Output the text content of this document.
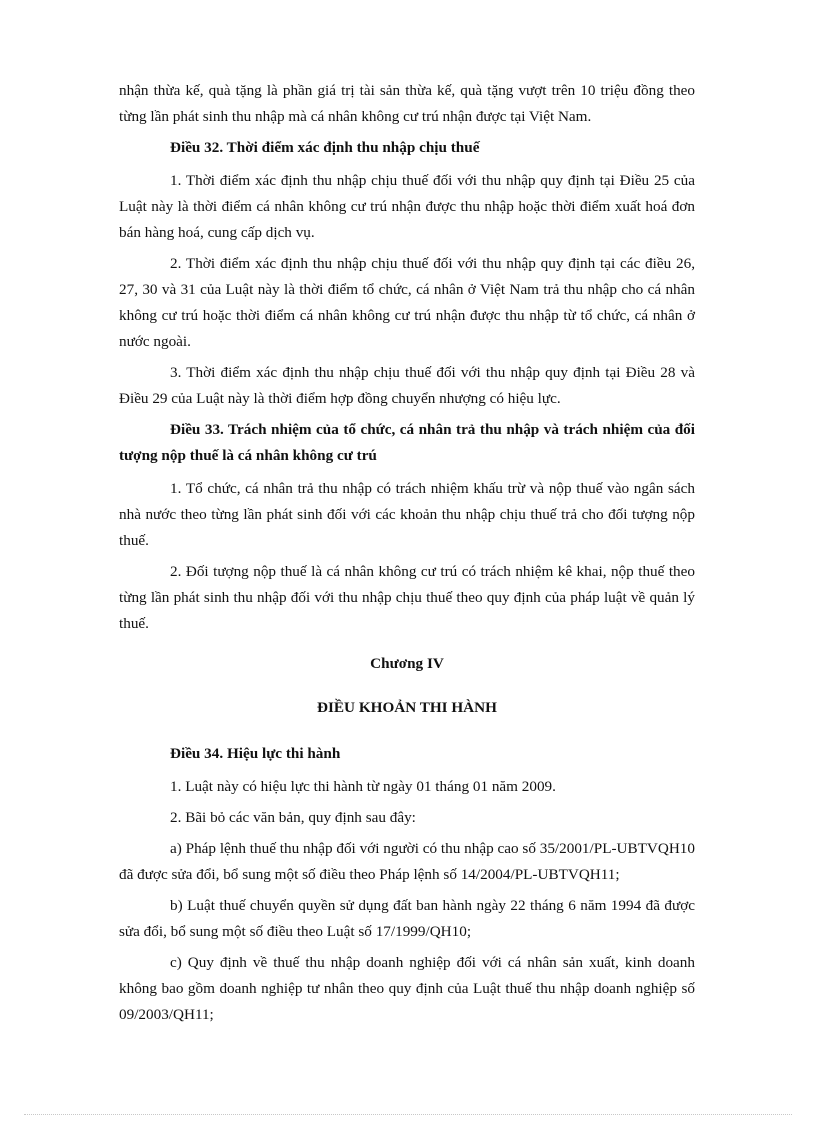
nhận thừa kế, quà tặng là phần giá trị tài sản thừa kế, quà tặng vượt trên 10 triệu đồng theo từng lần phát sinh thu nhập mà cá nhân không cư trú nhận được tại Việt Nam.

Điều 32. Thời điểm xác định thu nhập chịu thuế

1. Thời điểm xác định thu nhập chịu thuế đối với thu nhập quy định tại Điều 25 của Luật này là thời điểm cá nhân không cư trú nhận được thu nhập hoặc thời điểm xuất hoá đơn bán hàng hoá, cung cấp dịch vụ.

2. Thời điểm xác định thu nhập chịu thuế đối với thu nhập quy định tại các điều 26, 27, 30 và 31 của Luật này là thời điểm tổ chức, cá nhân ở Việt Nam trả thu nhập cho cá nhân không cư trú hoặc thời điểm cá nhân không cư trú nhận được thu nhập từ tổ chức, cá nhân ở nước ngoài.

3. Thời điểm xác định thu nhập chịu thuế đối với thu nhập quy định tại Điều 28 và Điều 29 của Luật này là thời điểm hợp đồng chuyển nhượng có hiệu lực.

Điều 33. Trách nhiệm của tổ chức, cá nhân trả thu nhập và trách nhiệm của đối tượng nộp thuế là cá nhân không cư trú

1. Tổ chức, cá nhân trả thu nhập có trách nhiệm khấu trừ và nộp thuế vào ngân sách nhà nước theo từng lần phát sinh đối với các khoản thu nhập chịu thuế trả cho đối tượng nộp thuế.

2. Đối tượng nộp thuế là cá nhân không cư trú có trách nhiệm kê khai, nộp thuế theo từng lần phát sinh thu nhập đối với thu nhập chịu thuế theo quy định của pháp luật về quản lý thuế.

Chương IV

ĐIỀU KHOẢN THI HÀNH

Điều 34. Hiệu lực thi hành

1. Luật này có hiệu lực thi hành từ ngày 01 tháng 01 năm 2009.

2. Bãi bỏ các văn bản, quy định sau đây:

a) Pháp lệnh thuế thu nhập đối với người có thu nhập cao số 35/2001/PL-UBTVQH10 đã được sửa đổi, bổ sung một số điều theo Pháp lệnh số 14/2004/PL-UBTVQH11;

b) Luật thuế chuyển quyền sử dụng đất ban hành ngày 22 tháng 6 năm 1994 đã được sửa đổi, bổ sung một số điều theo Luật số 17/1999/QH10;

c) Quy định về thuế thu nhập doanh nghiệp đối với cá nhân sản xuất, kinh doanh không bao gồm doanh nghiệp tư nhân theo quy định của Luật thuế thu nhập doanh nghiệp số 09/2003/QH11;
